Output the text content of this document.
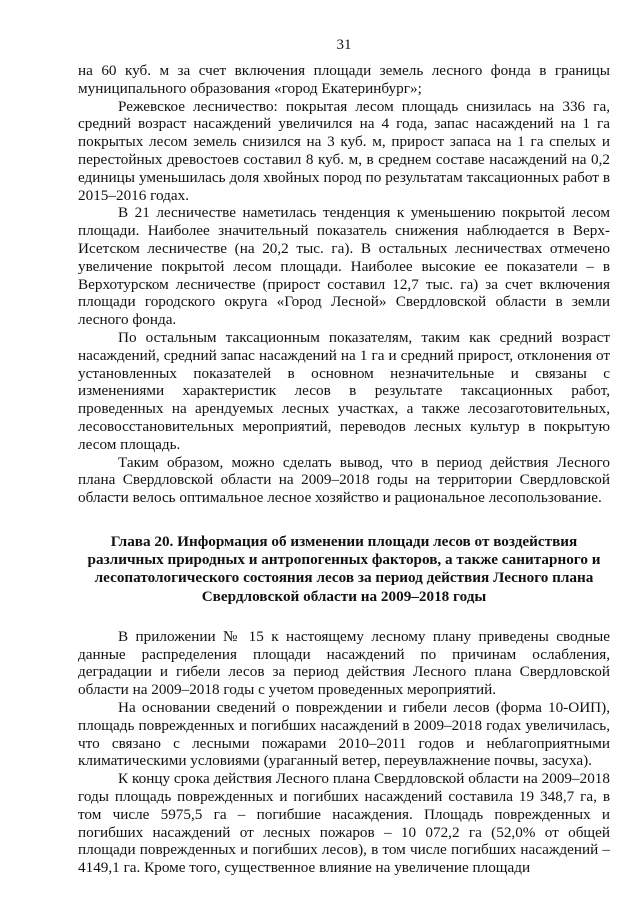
31

на 60 куб. м за счет включения площади земель лесного фонда в границы муниципального образования «город Екатеринбург»;

Режевское лесничество: покрытая лесом площадь снизилась на 336 га, средний возраст насаждений увеличился на 4 года, запас насаждений на 1 га покрытых лесом земель снизился на 3 куб. м, прирост запаса на 1 га спелых и перестойных древостоев составил 8 куб. м, в среднем составе насаждений на 0,2 единицы уменьшилась доля хвойных пород по результатам таксационных работ в 2015–2016 годах.

В 21 лесничестве наметилась тенденция к уменьшению покрытой лесом площади. Наиболее значительный показатель снижения наблюдается в Верх-Исетском лесничестве (на 20,2 тыс. га). В остальных лесничествах отмечено увеличение покрытой лесом площади. Наиболее высокие ее показатели – в Верхотурском лесничестве (прирост составил 12,7 тыс. га) за счет включения площади городского округа «Город Лесной» Свердловской области в земли лесного фонда.

По остальным таксационным показателям, таким как средний возраст насаждений, средний запас насаждений на 1 га и средний прирост, отклонения от установленных показателей в основном незначительные и связаны с изменениями характеристик лесов в результате таксационных работ, проведенных на арендуемых лесных участках, а также лесозаготовительных, лесовосстановительных мероприятий, переводов лесных культур в покрытую лесом площадь.

Таким образом, можно сделать вывод, что в период действия Лесного плана Свердловской области на 2009–2018 годы на территории Свердловской области велось оптимальное лесное хозяйство и рациональное лесопользование.

Глава 20. Информация об изменении площади лесов от воздействия различных природных и антропогенных факторов, а также санитарного и лесопатологического состояния лесов за период действия Лесного плана Свердловской области на 2009–2018 годы

В приложении № 15 к настоящему лесному плану приведены сводные данные распределения площади насаждений по причинам ослабления, деградации и гибели лесов за период действия Лесного плана Свердловской области на 2009–2018 годы с учетом проведенных мероприятий.

На основании сведений о повреждении и гибели лесов (форма 10-ОИП), площадь поврежденных и погибших насаждений в 2009–2018 годах увеличилась, что связано с лесными пожарами 2010–2011 годов и неблагоприятными климатическими условиями (ураганный ветер, переувлажнение почвы, засуха).

К концу срока действия Лесного плана Свердловской области на 2009–2018 годы площадь поврежденных и погибших насаждений составила 19 348,7 га, в том числе 5975,5 га – погибшие насаждения. Площадь поврежденных и погибших насаждений от лесных пожаров – 10 072,2 га (52,0% от общей площади поврежденных и погибших лесов), в том числе погибших насаждений – 4149,1 га. Кроме того, существенное влияние на увеличение площади
